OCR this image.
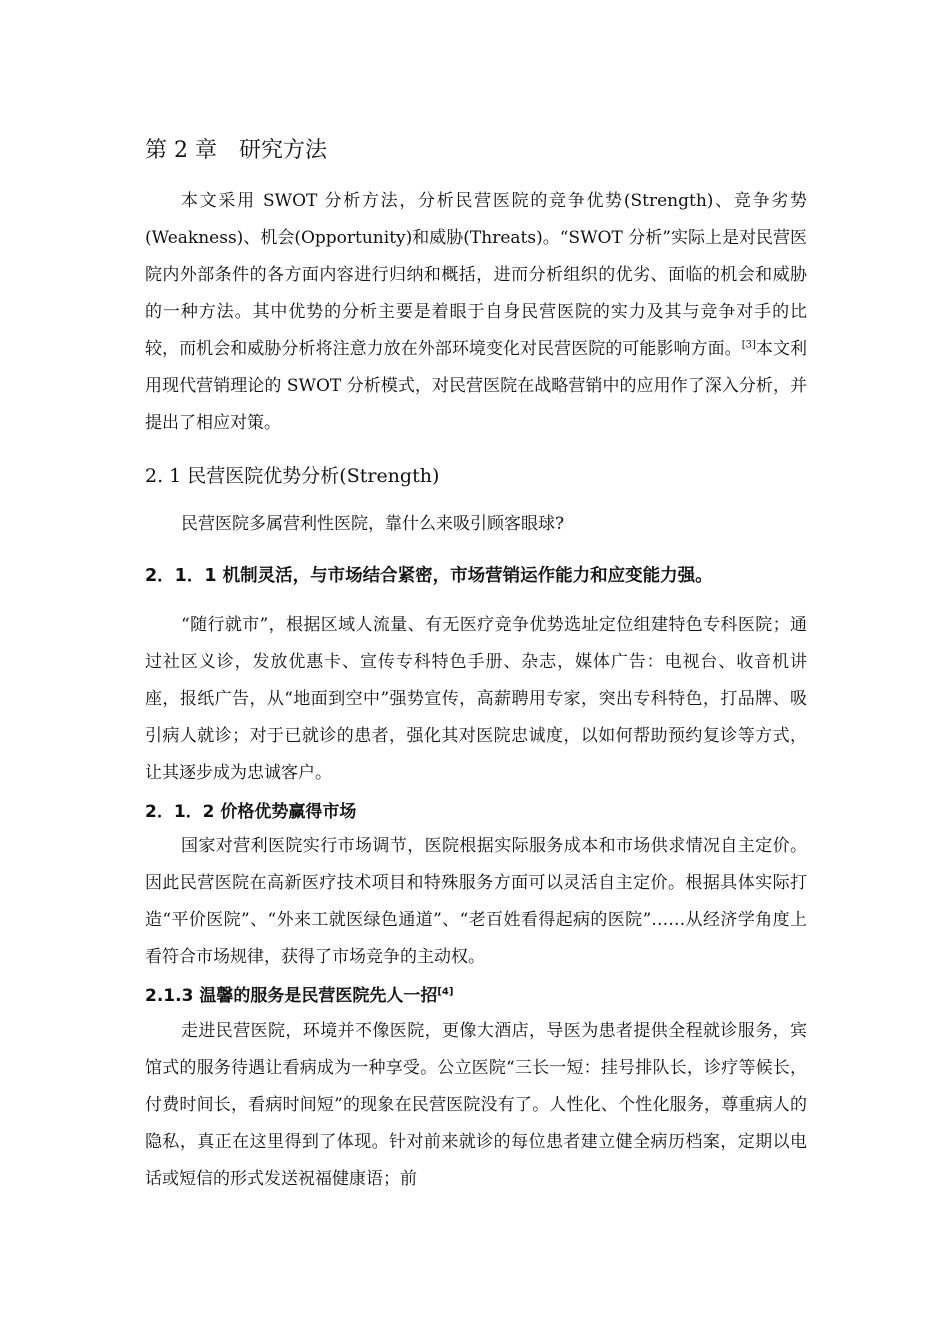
第 2 章　研究方法

本文采用 SWOT 分析方法，分析民营医院的竞争优势(Strength)、竞争劣势(Weakness)、机会(Opportunity)和威胁(Threats)。“SWOT 分析”实际上是对民营医院内外部条件的各方面内容进行归纳和概括，进而分析组织的优劣、面临的机会和威胁的一种方法。其中优势的分析主要是着眼于自身民营医院的实力及其与竞争对手的比较，而机会和威胁分析将注意力放在外部环境变化对民营医院的可能影响方面。[3]本文利用现代营销理论的 SWOT 分析模式，对民营医院在战略营销中的应用作了深入分析，并提出了相应对策。

2. 1 民营医院优势分析(Strength)

民营医院多属营利性医院，靠什么来吸引顾客眼球?

2．1．1 机制灵活，与市场结合紧密，市场营销运作能力和应变能力强。

“随行就市”，根据区域人流量、有无医疗竞争优势选址定位组建特色专科医院；通过社区义诊，发放优惠卡、宣传专科特色手册、杂志，媒体广告：电视台、收音机讲座，报纸广告，从“地面到空中”强势宣传，高薪聘用专家，突出专科特色，打品牌、吸引病人就诊；对于已就诊的患者，强化其对医院忠诚度，以如何帮助预约复诊等方式，让其逐步成为忠诚客户。

2．1．2 价格优势赢得市场

国家对营利医院实行市场调节，医院根据实际服务成本和市场供求情况自主定价。因此民营医院在高新医疗技术项目和特殊服务方面可以灵活自主定价。根据具体实际打造“平价医院”、“外来工就医绿色通道”、“老百姓看得起病的医院”……从经济学角度上看符合市场规律，获得了市场竞争的主动权。

2.1.3 温馨的服务是民营医院先人一招[4]

走进民营医院，环境并不像医院，更像大酒店，导医为患者提供全程就诊服务，宾馆式的服务待遇让看病成为一种享受。公立医院“三长一短：挂号排队长，诊疗等候长，付费时间长，看病时间短”的现象在民营医院没有了。人性化、个性化服务，尊重病人的隐私，真正在这里得到了体现。针对前来就诊的每位患者建立健全病历档案，定期以电话或短信的形式发送祝福健康语；前
